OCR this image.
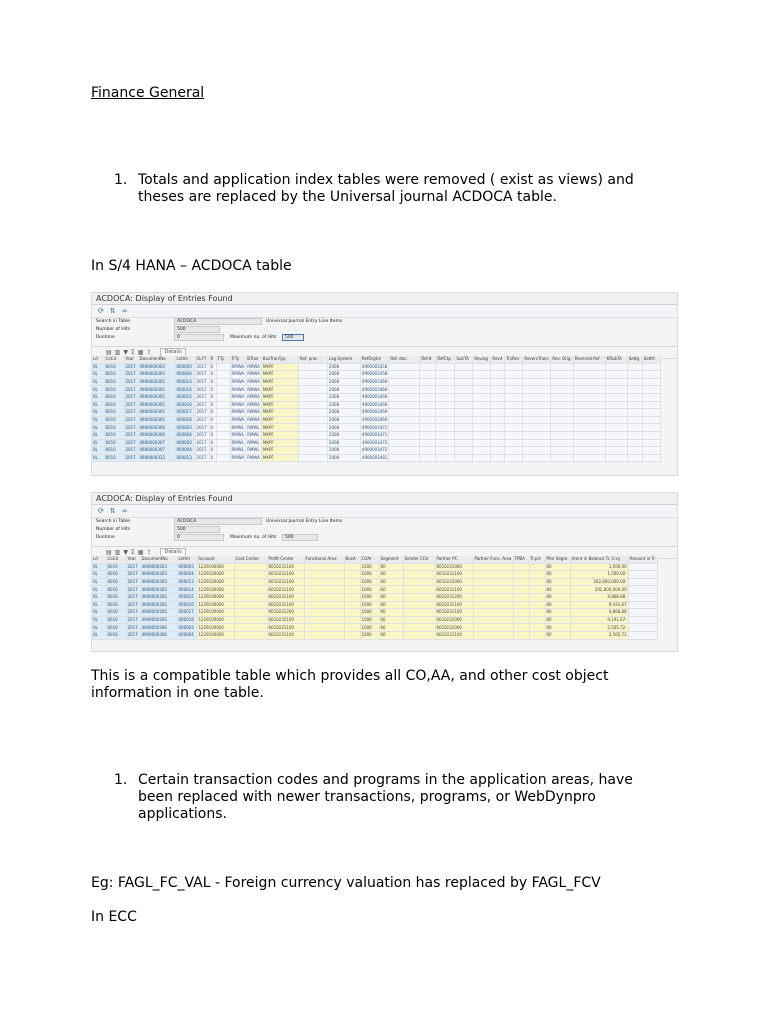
Finance General
1. Totals and application index tables were removed ( exist as views) and theses are replaced by the Universal journal ACDOCA table.
In S/4 HANA – ACDOCA table
ACDOCA: Display of Entries Found
⟳ ⇅ ∞
Search in Table	ACDOCA	Universal Journal Entry Line Items
Number of Hits	500
Runtime	0	Maximum no. of Hits	500
▤ ▥ ▼ Σ ▦ ⇪	Details
Ld	CoCd	Year	DocumentNo	LnItm	CLFY	R	TTy	TrTy	BTran	BusTranTyp	Ref. proc.	Log.System	RefOrgUn	Ref. doc.	Ref.It	RefCtp	SubTA	Reving	Revd	TrsRev	ReversTrans	Rev. Orig.	Reversal Ref.	KRubTA	Settg	Setttl
0L	6010	2017	4900000303	000003	2017	0		RMWA	RMWA	MKPF		2008	4900003458													
0L	6010	2017	4900000303	000004	2017	0		RMWA	RMWA	MKPF		2008	4900003458													
0L	6010	2017	4900000305	000013	2017	0		RMWA	RMWA	MKPF		2008	4900003469													
0L	6010	2017	4900000305	000014	2017	0		RMWA	RMWA	MKPF		2008	4900003469													
0L	6010	2017	4900000305	000015	2017	0		RMWA	RMWA	MKPF		2008	4900003469													
0L	6010	2017	4900000305	000016	2017	0		RMWA	RMWA	MKPF		2008	4900003469													
0L	6010	2017	4900000305	000017	2017	0		RMWA	RMWA	MKPF		2008	4900003469													
0L	6010	2017	4900000305	000018	2017	0		RMWA	RMWA	MKPF		2008	4900003469													
0L	6010	2017	4900000306	000003	2017	0		RMWL	RMWL	MKPF		2008	4900003471													
0L	6010	2017	4900000306	000004	2017	0		RMWL	RMWL	MKPF		2008	4900003471													
0L	6010	2017	4900000307	000003	2017	0		RMWL	RMWL	MKPF		2008	4900003472													
0L	6010	2017	4900000307	000004	2017	0		RMWL	RMWL	MKPF		2008	4900003472													
0L	6010	2017	4900000312	000013	2017	0		RMWA	RMWA	MKPF		2008	4900003481													
ACDOCA: Display of Entries Found
⟳ ⇅ ∞
Search in Table	ACDOCA	Universal Journal Entry Line Items
Number of Hits	500
Runtime	0	Maximum no. of Hits	500
▤ ▥ ▼ Σ ▦ ⇪	Details
Ld	CoCd	Year	DocumentNo	LnItm	Account	Cost Center	Profit Center	Functional Area	BusA	COAr	Segment	Sender CCtr	Partner PC	Partner Func. Area	TPBA	Tr.prt	Ptnr Segm.	Amnt in Balance Tr. Crcy	Amount in Tr
0L	6010	2017	4900000303	000003	1229100000		6010231100			1000	60		6010231000				60	1,500.00	
0L	6010	2017	4900000303	000004	1229100000		6010231100			1000	60		6010231100				60	1,500.00-	
0L	6010	2017	4900000305	000013	1229100000		6010231100			1000	60		6010231000				60	202,800,000.00-	
0L	6010	2017	4900000305	000014	1229100000		6010231100			1000	60		6010231100				60	202,800,000.00	
0L	6010	2017	4900000305	000015	1229100000		6010231100			1000	60		6010231200				60	4,868.88-	
0L	6010	2017	4900000305	000016	1229100000		6010231100			1000	60		6010231100				60	9,191.67	
0L	6010	2017	4900000305	000017	1229100000		6010231200			1000	60		6010231100				60	4,868.88	
0L	6010	2017	4900000305	000018	1229100000		6010232100			1000	60		6010231000				60	9,191.67-	
0L	6010	2017	4900000306	000003	1229100000		6010221100			1000	60		6010231000				60	2,505.72-	
0L	6010	2017	4900000306	000004	1229100000		6010231100			1000	60		6010221100				60	2,505.72	
This is a compatible table which provides all CO,AA, and other cost object information in one table.
1. Certain transaction codes and programs in the application areas, have been replaced with newer transactions, programs, or WebDynpro applications.
Eg: FAGL_FC_VAL - Foreign currency valuation has replaced by FAGL_FCV
In ECC
